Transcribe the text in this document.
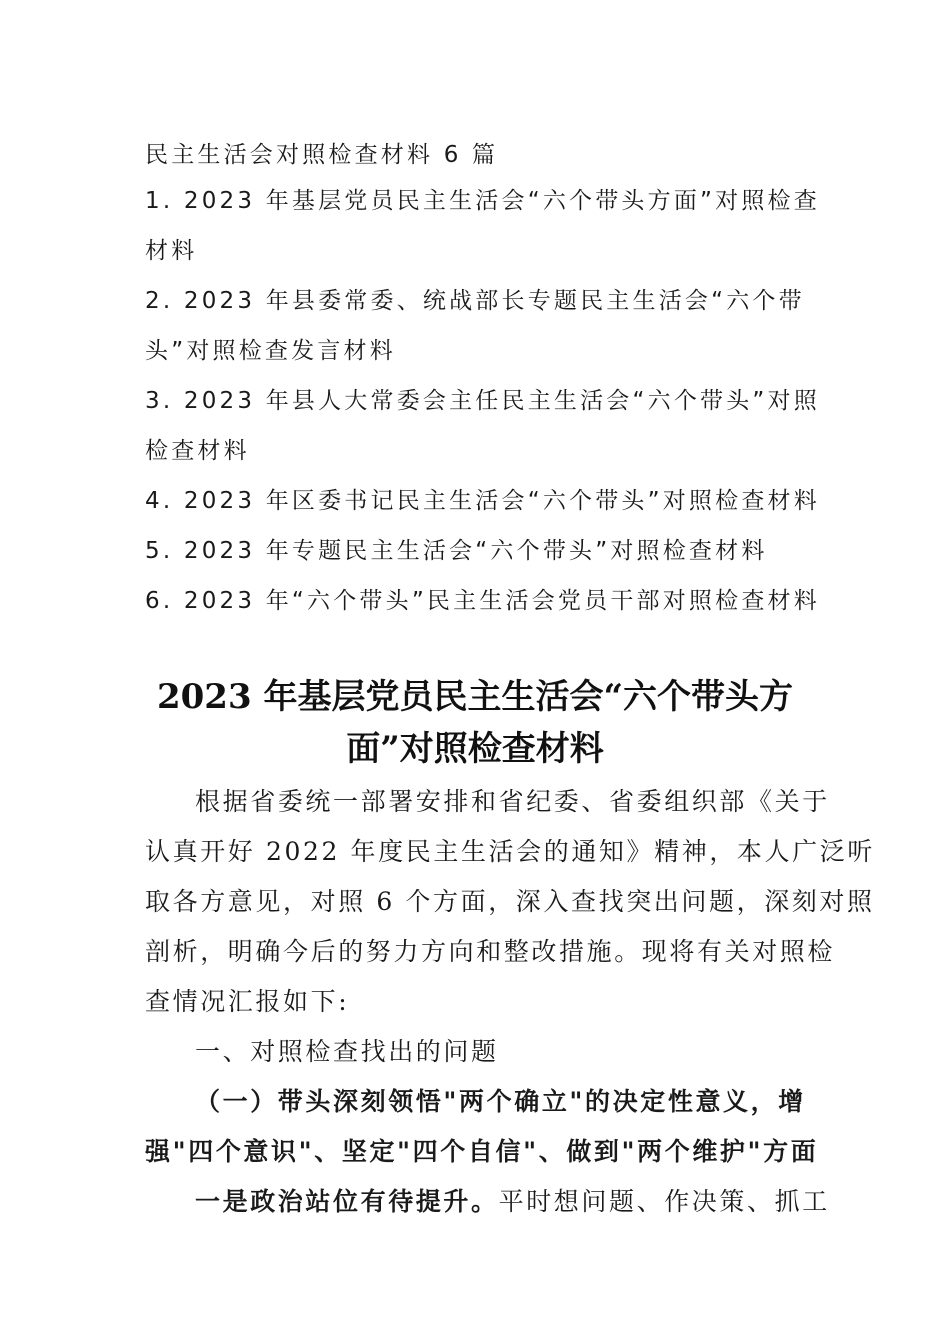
民主生活会对照检查材料 6 篇
1. 2023 年基层党员民主生活会“六个带头方面”对照检查
材料
2. 2023 年县委常委、统战部长专题民主生活会“六个带
头”对照检查发言材料
3. 2023 年县人大常委会主任民主生活会“六个带头”对照
检查材料
4. 2023 年区委书记民主生活会“六个带头”对照检查材料
5. 2023 年专题民主生活会“六个带头”对照检查材料
6. 2023 年“六个带头”民主生活会党员干部对照检查材料
2023 年基层党员民主生活会“六个带头方
面”对照检查材料
根据省委统一部署安排和省纪委、省委组织部《关于
认真开好 2022 年度民主生活会的通知》精神，本人广泛听
取各方意见，对照 6 个方面，深入查找突出问题，深刻对照
剖析，明确今后的努力方向和整改措施。现将有关对照检
查情况汇报如下:
一、对照检查找出的问题
（一）带头深刻领悟"两个确立"的决定性意义，增
强"四个意识"、坚定"四个自信"、做到"两个维护"方面
一是政治站位有待提升。平时想问题、作决策、抓工
